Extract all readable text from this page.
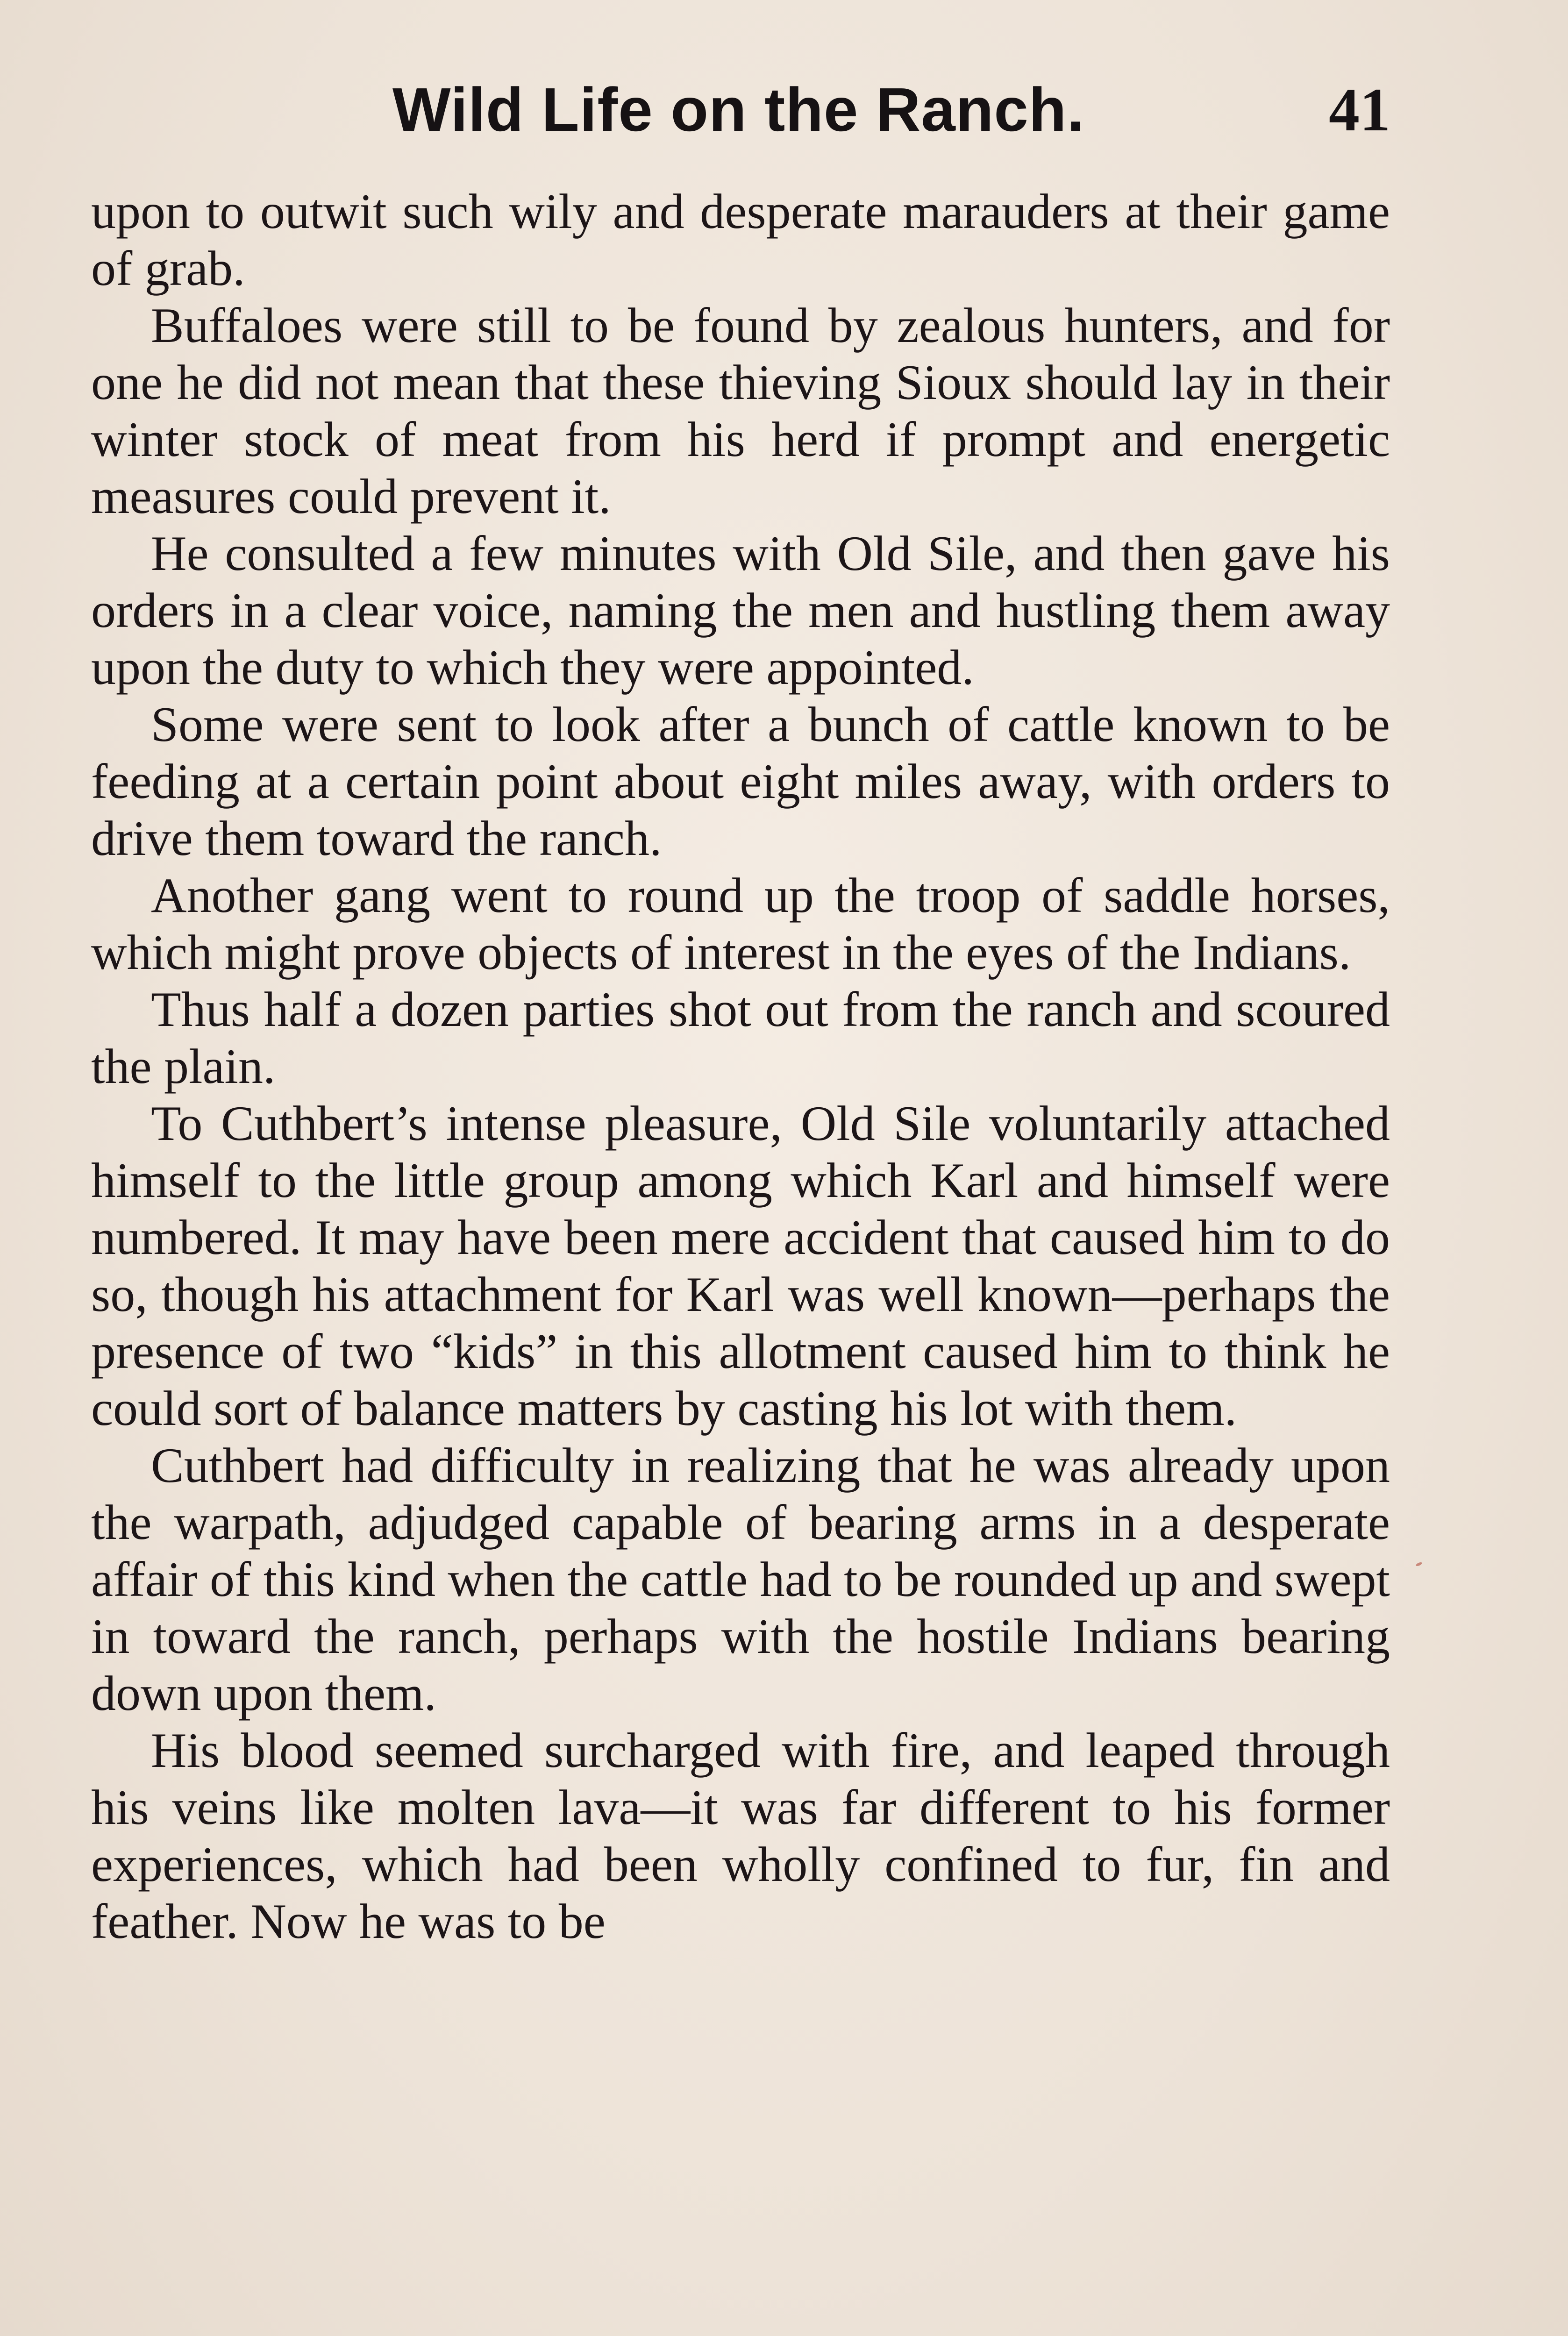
Wild Life on the Ranch.	41

upon to outwit such wily and desperate marauders at their game of grab.

Buffaloes were still to be found by zealous hunters, and for one he did not mean that these thieving Sioux should lay in their winter stock of meat from his herd if prompt and energetic measures could prevent it.

He consulted a few minutes with Old Sile, and then gave his orders in a clear voice, naming the men and hustling them away upon the duty to which they were appointed.

Some were sent to look after a bunch of cattle known to be feeding at a certain point about eight miles away, with orders to drive them toward the ranch.

Another gang went to round up the troop of saddle horses, which might prove objects of interest in the eyes of the Indians.

Thus half a dozen parties shot out from the ranch and scoured the plain.

To Cuthbert’s intense pleasure, Old Sile voluntarily attached himself to the little group among which Karl and himself were numbered. It may have been mere accident that caused him to do so, though his attachment for Karl was well known—perhaps the presence of two “kids” in this allotment caused him to think he could sort of balance matters by casting his lot with them.

Cuthbert had difficulty in realizing that he was already upon the warpath, adjudged capable of bearing arms in a desperate affair of this kind when the cattle had to be rounded up and swept in toward the ranch, perhaps with the hostile Indians bearing down upon them.

His blood seemed surcharged with fire, and leaped through his veins like molten lava—it was far different to his former experiences, which had been wholly confined to fur, fin and feather. Now he was to be
